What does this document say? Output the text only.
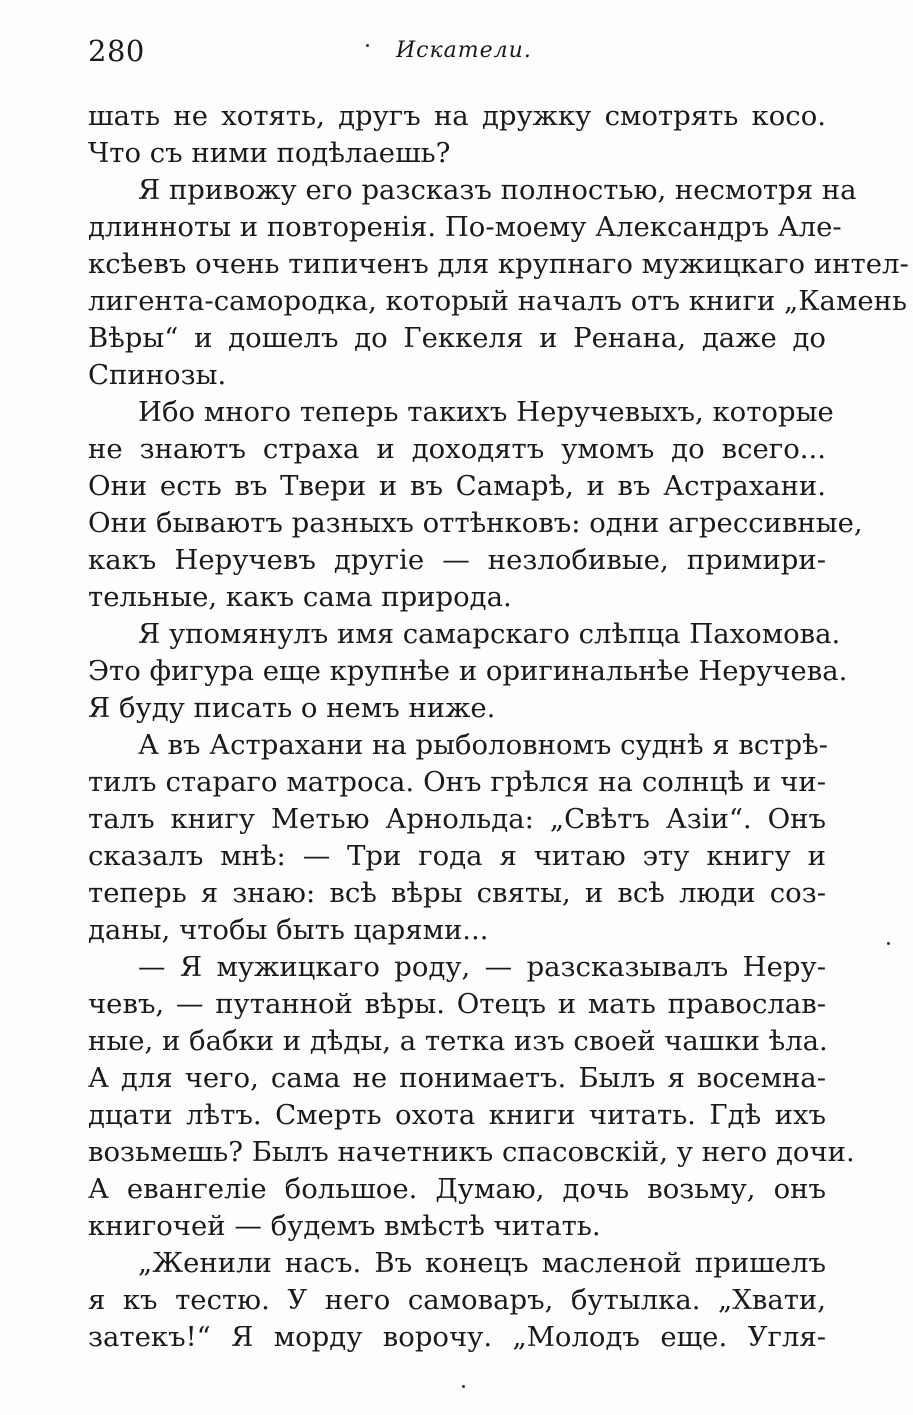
280	Искатели.
шать не хотять, другъ на дружку смотрять косо.
Что съ ними подѣлаешь?
Я привожу его разсказъ полностью, несмотря на
длинноты и повторенія. По-моему Александръ Але-
ксѣевъ очень типиченъ для крупнаго мужицкаго интел-
лигента-самородка, который началъ отъ книги „Камень
Вѣры“ и дошелъ до Геккеля и Ренана, даже до
Спинозы.
Ибо много теперь такихъ Неручевыхъ, которые
не знаютъ страха и доходятъ умомъ до всего...
Они есть въ Твери и въ Самарѣ, и въ Астрахани.
Они бываютъ разныхъ оттѣнковъ: одни агрессивные,
какъ Неручевъ другіе — незлобивые, примири-
тельные, какъ сама природа.
Я упомянулъ имя самарскаго слѣпца Пахомова.
Это фигура еще крупнѣе и оригинальнѣе Неручева.
Я буду писать о немъ ниже.
А въ Астрахани на рыболовномъ суднѣ я встрѣ-
тилъ стараго матроса. Онъ грѣлся на солнцѣ и чи-
талъ книгу Метью Арнольда: „Свѣтъ Азіи“. Онъ
сказалъ мнѣ: — Три года я читаю эту книгу и
теперь я знаю: всѣ вѣры святы, и всѣ люди соз-
даны, чтобы быть царями...
— Я мужицкаго роду, — разсказывалъ Неру-
чевъ, — путанной вѣры. Отецъ и мать православ-
ные, и бабки и дѣды, а тетка изъ своей чашки ѣла.
А для чего, сама не понимаетъ. Былъ я восемна-
дцати лѣтъ. Смерть охота книги читать. Гдѣ ихъ
возьмешь? Былъ начетникъ спасовскій, у него дочи.
А евангеліе большое. Думаю, дочь возьму, онъ
книгочей — будемъ вмѣстѣ читать.
„Женили насъ. Въ конецъ масленой пришелъ
я къ тестю. У него самоваръ, бутылка. „Хвати,
затекъ!“ Я морду ворочу. „Молодъ еще. Угля-
